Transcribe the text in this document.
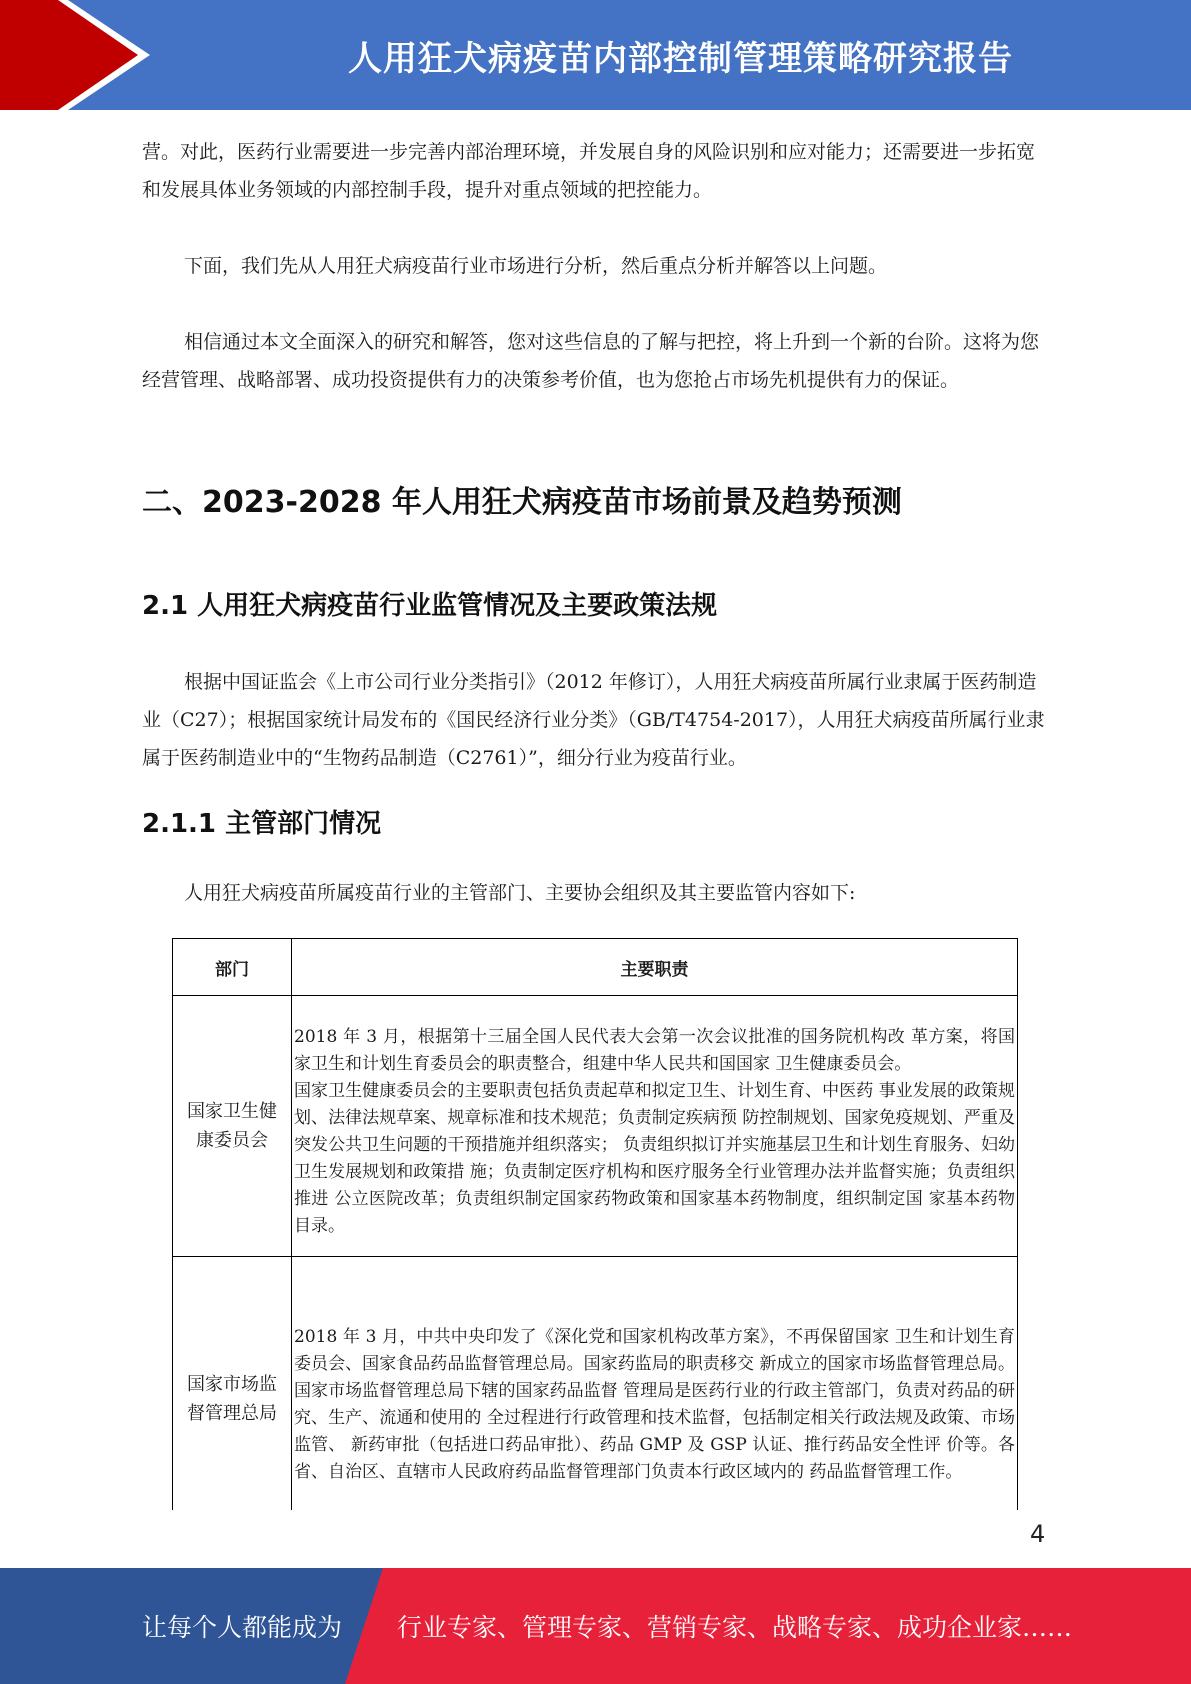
人用狂犬病疫苗内部控制管理策略研究报告

营。对此，医药行业需要进一步完善内部治理环境，并发展自身的风险识别和应对能力；还需要进一步拓宽和发展具体业务领域的内部控制手段，提升对重点领域的把控能力。

下面，我们先从人用狂犬病疫苗行业市场进行分析，然后重点分析并解答以上问题。

相信通过本文全面深入的研究和解答，您对这些信息的了解与把控，将上升到一个新的台阶。这将为您经营管理、战略部署、成功投资提供有力的决策参考价值，也为您抢占市场先机提供有力的保证。

二、2023-2028 年人用狂犬病疫苗市场前景及趋势预测
2.1 人用狂犬病疫苗行业监管情况及主要政策法规

根据中国证监会《上市公司行业分类指引》（2012 年修订），人用狂犬病疫苗所属行业隶属于医药制造业（C27）；根据国家统计局发布的《国民经济行业分类》（GB/T4754-2017），人用狂犬病疫苗所属行业隶属于医药制造业中的“生物药品制造（C2761）”，细分行业为疫苗行业。

2.1.1 主管部门情况

人用狂犬病疫苗所属疫苗行业的主管部门、主要协会组织及其主要监管内容如下:

部门	主要职责
国家卫生健康委员会	2018 年 3 月，根据第十三届全国人民代表大会第一次会议批准的国务院机构改 革方案，将国家卫生和计划生育委员会的职责整合，组建中华人民共和国国家 卫生健康委员会。

国家卫生健康委员会的主要职责包括负责起草和拟定卫生、计划生育、中医药 事业发展的政策规划、法律法规草案、规章标准和技术规范；负责制定疾病预 防控制规划、国家免疫规划、严重及突发公共卫生问题的干预措施并组织落实； 负责组织拟订并实施基层卫生和计划生育服务、妇幼卫生发展规划和政策措 施；负责制定医疗机构和医疗服务全行业管理办法并监督实施；负责组织推进 公立医院改革；负责组织制定国家药物政策和国家基本药物制度，组织制定国 家基本药物目录。

国家市场监督管理总局	2018 年 3 月，中共中央印发了《深化党和国家机构改革方案》，不再保留国家 卫生和计划生育委员会、国家食品药品监督管理总局。国家药监局的职责移交 新成立的国家市场监督管理总局。国家市场监督管理总局下辖的国家药品监督 管理局是医药行业的行政主管部门，负责对药品的研究、生产、流通和使用的 全过程进行行政管理和技术监督，包括制定相关行政法规及政策、市场监管、 新药审批（包括进口药品审批）、药品 GMP 及 GSP 认证、推行药品安全性评 价等。各省、自治区、直辖市人民政府药品监督管理部门负责本行政区域内的 药品监督管理工作。

4
让每个人都能成为 行业专家、管理专家、营销专家、战略专家、成功企业家……
